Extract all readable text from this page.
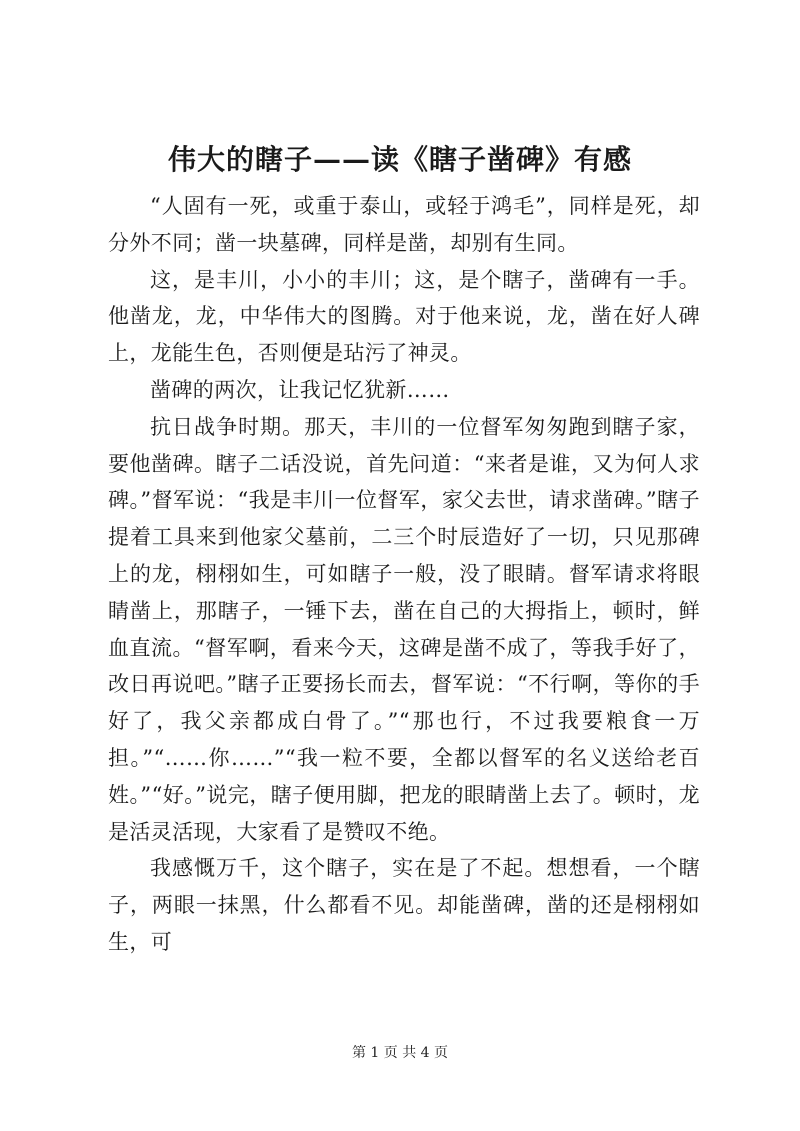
伟大的瞎子——读《瞎子凿碑》有感

“人固有一死，或重于泰山，或轻于鸿毛”，同样是死，却分外不同；凿一块墓碑，同样是凿，却别有生同。

这，是丰川，小小的丰川；这，是个瞎子，凿碑有一手。他凿龙，龙，中华伟大的图腾。对于他来说，龙，凿在好人碑上，龙能生色，否则便是玷污了神灵。

凿碑的两次，让我记忆犹新……

抗日战争时期。那天，丰川的一位督军匆匆跑到瞎子家，要他凿碑。瞎子二话没说，首先问道：“来者是谁，又为何人求碑。”督军说：“我是丰川一位督军，家父去世，请求凿碑。”瞎子提着工具来到他家父墓前，二三个时辰造好了一切，只见那碑上的龙，栩栩如生，可如瞎子一般，没了眼睛。督军请求将眼睛凿上，那瞎子，一锤下去，凿在自己的大拇指上，顿时，鲜血直流。“督军啊，看来今天，这碑是凿不成了，等我手好了，改日再说吧。”瞎子正要扬长而去，督军说：“不行啊，等你的手好了，我父亲都成白骨了。”“那也行，不过我要粮食一万担。”“……你……”“我一粒不要，全都以督军的名义送给老百姓。”“好。”说完，瞎子便用脚，把龙的眼睛凿上去了。顿时，龙是活灵活现，大家看了是赞叹不绝。

我感慨万千，这个瞎子，实在是了不起。想想看，一个瞎子，两眼一抹黑，什么都看不见。却能凿碑，凿的还是栩栩如生，可

第 1 页 共 4 页
